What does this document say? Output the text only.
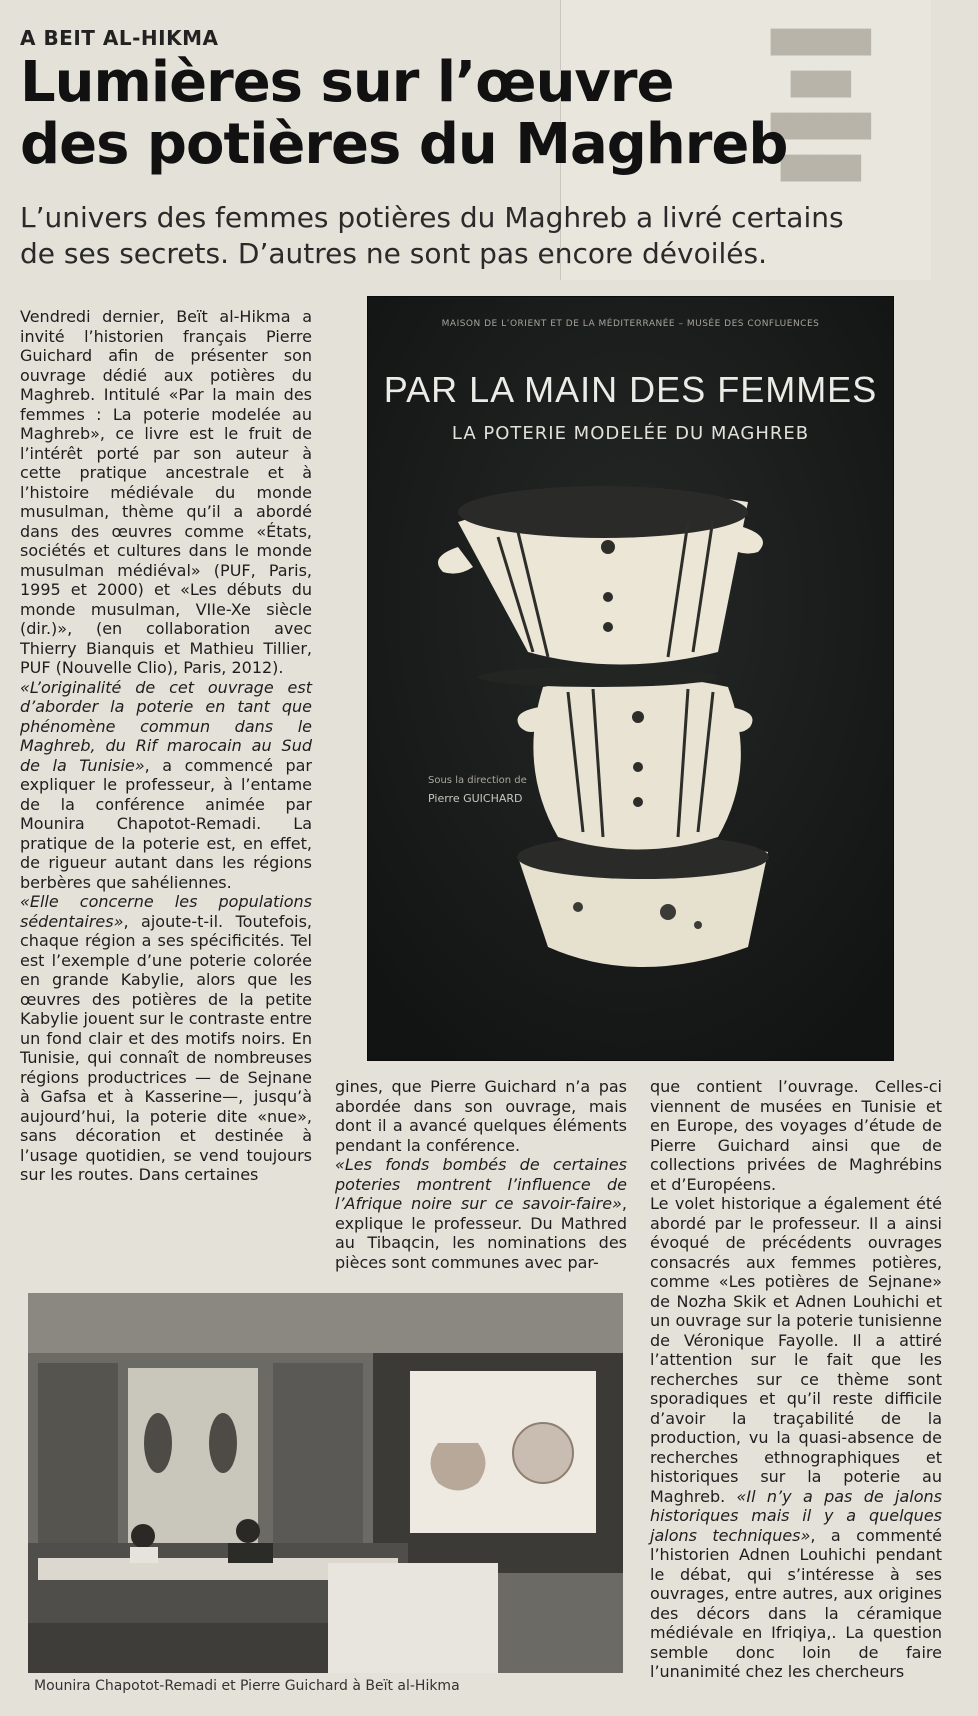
▇▇▇▇▇
▇▇▇
▇▇▇▇▇
▇▇▇▇
A BEIT AL-HIKMA
Lumières sur l’œuvre
des potières du Maghreb
L’univers des femmes potières du Maghreb a livré certains
de ses secrets. D’autres ne sont pas encore dévoilés.

Vendredi dernier, Beït al-Hikma a invité l’historien français Pierre Guichard afin de présenter son ouvrage dédié aux potières du Maghreb. Intitulé «Par la main des femmes : La poterie modelée au Maghreb», ce livre est le fruit de l’intérêt porté par son auteur à cette pratique ancestrale et à l’histoire médiévale du monde musulman, thème qu’il a abordé dans des œuvres comme «États, sociétés et cultures dans le monde musulman médiéval» (PUF, Paris, 1995 et 2000) et «Les débuts du monde musulman, VIIe-Xe siècle (dir.)», (en collaboration avec Thierry Bianquis et Mathieu Tillier, PUF (Nouvelle Clio), Paris, 2012).

«L’originalité de cet ouvrage est d’aborder la poterie en tant que phénomène commun dans le Maghreb, du Rif marocain au Sud de la Tunisie», a commencé par expliquer le professeur, à l’entame de la conférence animée par Mounira Chapotot-Remadi. La pratique de la poterie est, en effet, de rigueur autant dans les régions berbères que sahéliennes.

«Elle concerne les populations sédentaires», ajoute-t-il. Toutefois, chaque région a ses spécificités. Tel est l’exemple d’une poterie colorée en grande Kabylie, alors que les œuvres des potières de la petite Kabylie jouent sur le contraste entre un fond clair et des motifs noirs. En Tunisie, qui connaît de nombreuses régions productrices — de Sejnane à Gafsa et à Kasserine—, jusqu’à aujourd’hui, la poterie dite «nue», sans décoration et destinée à l’usage quotidien, se vend toujours sur les routes. Dans certaines

MAISON DE L’ORIENT ET DE LA MÉDITERRANÉE – MUSÉE DES CONFLUENCES
PAR LA MAIN DES FEMMES
LA POTERIE MODELÉE DU MAGHREB
Sous la direction de
Pierre GUICHARD

gines, que Pierre Guichard n’a pas abordée dans son ouvrage, mais dont il a avancé quelques éléments pendant la conférence.

«Les fonds bombés de certaines poteries montrent l’influence de l’Afrique noire sur ce savoir-faire», explique le professeur. Du Mathred au Tibaqcin, les nominations des pièces sont communes avec par-

que contient l’ouvrage. Celles-ci viennent de musées en Tunisie et en Europe, des voyages d’étude de Pierre Guichard ainsi que de collections privées de Maghrébins et d’Européens.

Le volet historique a également été abordé par le professeur. Il a ainsi évoqué de précédents ouvrages consacrés aux femmes potières, comme «Les potières de Sejnane» de Nozha Skik et Adnen Louhichi et un ouvrage sur la poterie tunisienne de Véronique Fayolle. Il a attiré l’attention sur le fait que les recherches sur ce thème sont sporadiques et qu’il reste difficile d’avoir la traçabilité de la production, vu la quasi-absence de recherches ethnographiques et historiques sur la poterie au Maghreb. «Il n’y a pas de jalons historiques mais il y a quelques jalons techniques», a commenté l’historien Adnen Louhichi pendant le débat, qui s’intéresse à ses ouvrages, entre autres, aux origines des décors dans la céramique médiévale en Ifriqiya,. La question semble donc loin de faire l’unanimité chez les chercheurs

Mounira Chapotot-Remadi et Pierre Guichard à Beït al-Hikma
